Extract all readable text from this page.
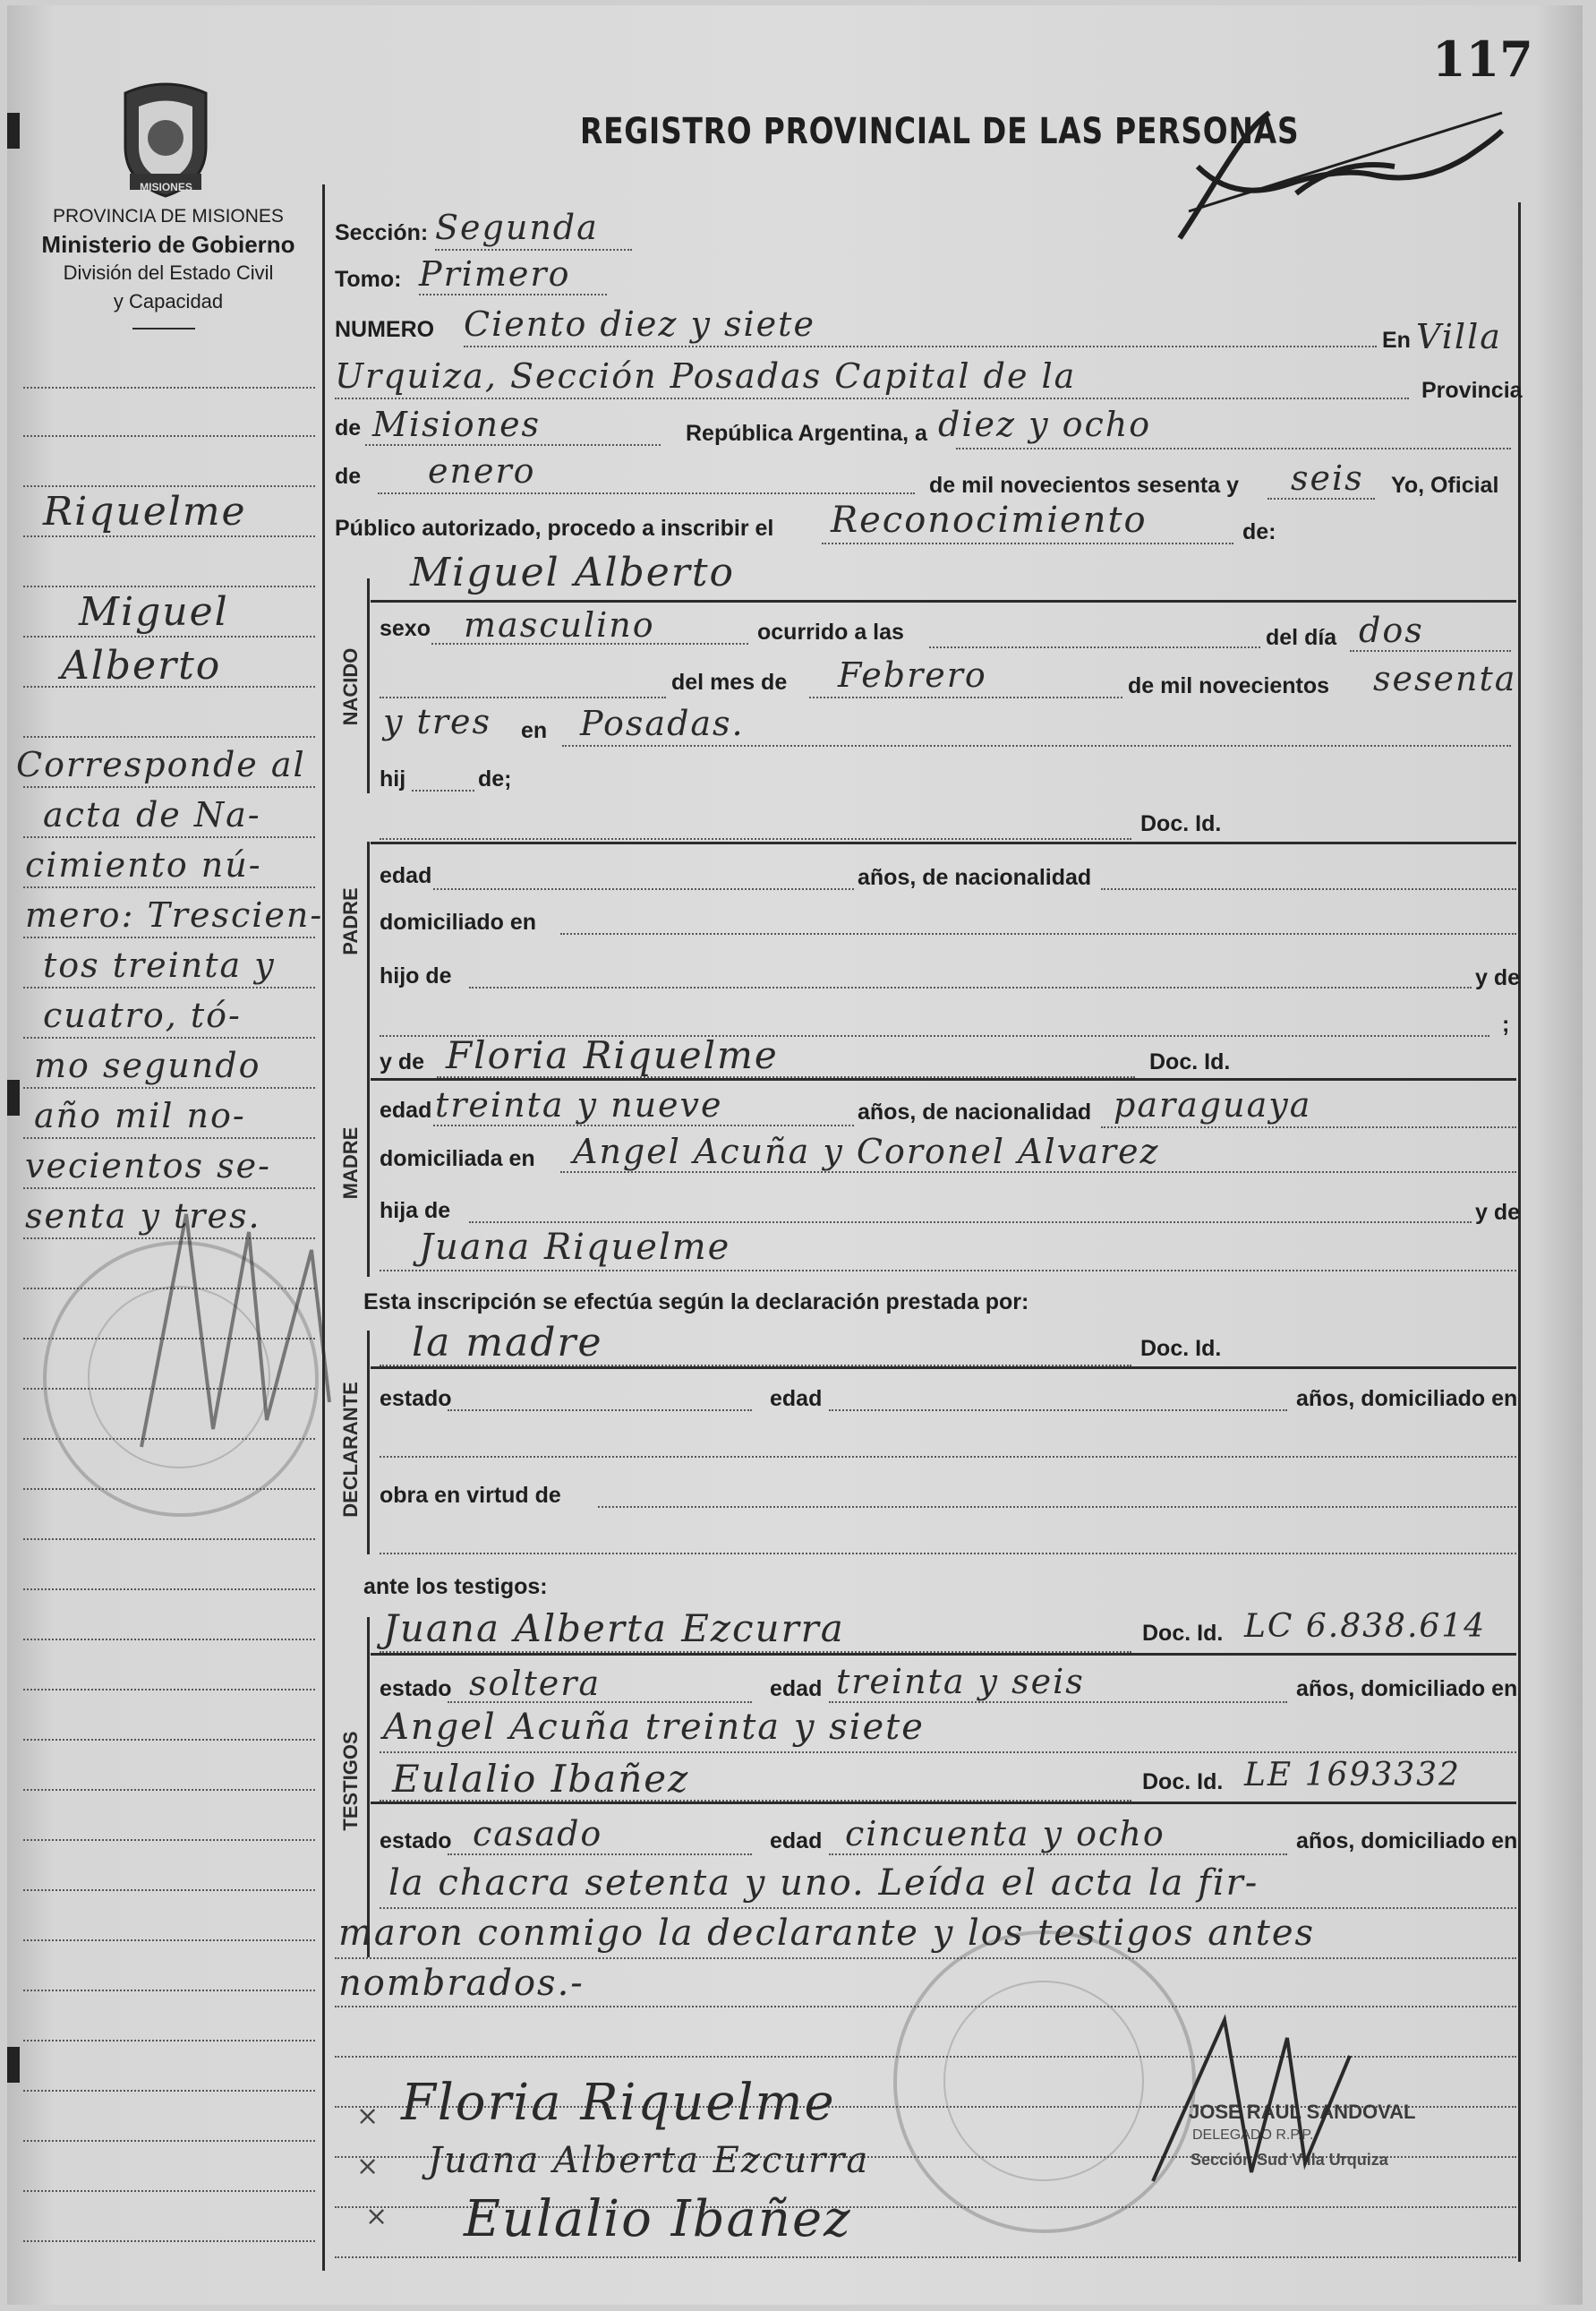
117
MISIONES
PROVINCIA DE MISIONES
Ministerio de Gobierno
División del Estado Civil
y Capacidad
REGISTRO PROVINCIAL DE LAS PERSONAS
Riquelme
Miguel
Alberto
Corresponde al
acta de Na-
cimiento nú-
mero: Trescien-
tos treinta y
cuatro, tó-
mo segundo
año mil no-
vecientos se-
senta y tres.
Sección: Segunda
Tomo: Primero
NUMERO Ciento diez y siete	En Villa
Urquiza, Sección Posadas Capital de la	Provincia
de Misiones	República Argentina, a diez y ocho
de enero	de mil novecientos sesenta y seis Yo, Oficial
Público autorizado, procedo a inscribir el Reconocimiento	de:
Miguel Alberto
NACIDO
sexo masculino	ocurrido a las	del día dos
del mes de Febrero	de mil novecientos sesenta
y tres en Posadas.
hij	de;
Doc. Id.
PADRE
edad	años, de nacionalidad
domiciliado en
hijo de	y de
;
y de Floria Riquelme	Doc. Id.
MADRE
edad treinta y nueve	años, de nacionalidad paraguaya
domiciliada en Angel Acuña y Coronel Alvarez
hija de	y de
Juana Riquelme
Esta inscripción se efectúa según la declaración prestada por:
la madre	Doc. Id.
DECLARANTE estado	edad	años, domiciliado en
obra en virtud de
ante los testigos:
Juana Alberta Ezcurra	Doc. Id. LC 6.838.614
TESTIGOS
estado soltera	edad treinta y seis	años, domiciliado en
Angel Acuña treinta y siete
Eulalio Ibañez	Doc. Id. LE 1693332
estado casado	edad cincuenta y ocho	años, domiciliado en
la chacra setenta y uno. Leída el acta la fir-
maron conmigo la declarante y los testigos antes
nombrados.-
× Floria Riquelme
× Juana Alberta Ezcurra
× Eulalio Ibañez
JOSE RAUL SANDOVAL
DELEGADO R.P.P.
Sección Sud Villa Urquiza
